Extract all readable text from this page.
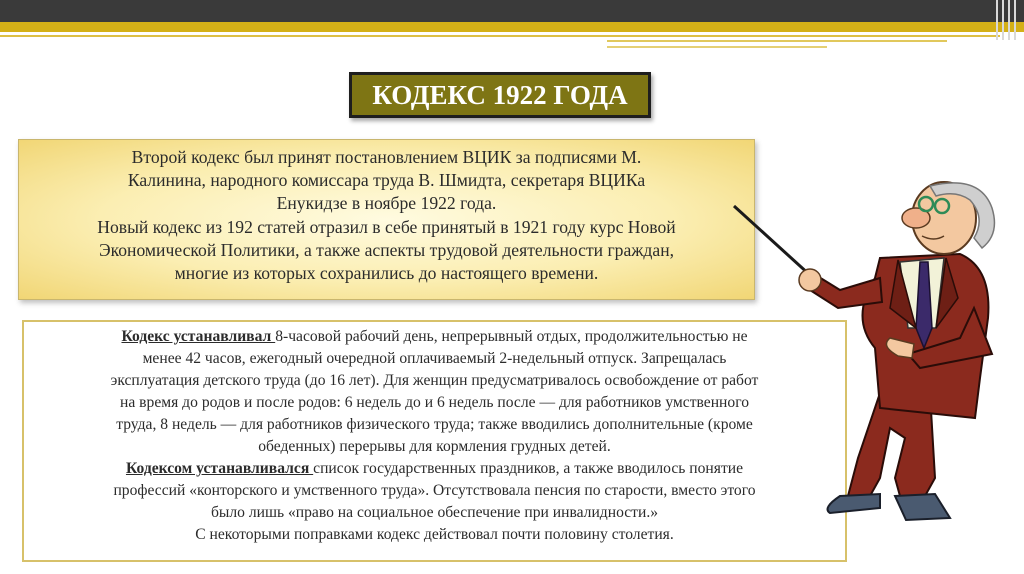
КОДЕКС 1922 ГОДА

Второй кодекс был принят постановлением ВЦИК за подписями М.
Калинина, народного комиссара труда В. Шмидта, секретаря ВЦИКа
Енукидзе в ноябре 1922 года.
Новый кодекс из 192 статей отразил в себе принятый в 1921 году курс Новой
Экономической Политики, а также аспекты трудовой деятельности граждан,
многие из которых сохранились до настоящего времени.

Кодекс устанавливал 8-часовой рабочий день, непрерывный отдых, продолжительностью не
менее 42 часов, ежегодный очередной оплачиваемый 2-недельный отпуск. Запрещалась
эксплуатация детского труда (до 16 лет). Для женщин предусматривалось освобождение от работ
на время до родов и после родов: 6 недель до и 6 недель после — для работников умственного
труда, 8 недель — для работников физического труда; также вводились дополнительные (кроме
обеденных) перерывы для кормления грудных детей.
Кодексом устанавливался список государственных праздников, а также вводилось понятие
профессий «конторского и умственного труда». Отсутствовала пенсия по старости, вместо этого
было лишь «право на социальное обеспечение при инвалидности.»
С некоторыми поправками кодекс действовал почти половину столетия.
